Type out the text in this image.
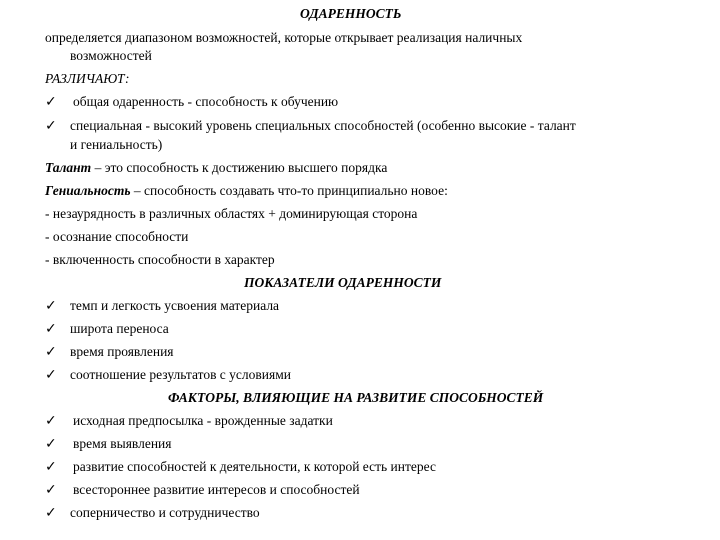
ОДАРЕННОСТЬ
определяется диапазоном возможностей, которые открывает реализация наличных
возможностей
РАЗЛИЧАЮТ:
✓ общая одаренность - способность к обучению
✓ специальная - высокий уровень специальных способностей (особенно высокие - талант
и гениальность)
Талант – это способность к достижению высшего порядка
Гениальность – способность создавать что-то принципиально новое:
- незаурядность в различных областях + доминирующая сторона
- осознание способности
- включенность способности в характер
ПОКАЗАТЕЛИ ОДАРЕННОСТИ
✓ темп и легкость усвоения материала
✓ широта переноса
✓ время проявления
✓ соотношение результатов с условиями
ФАКТОРЫ, ВЛИЯЮЩИЕ НА РАЗВИТИЕ СПОСОБНОСТЕЙ
✓ исходная предпосылка - врожденные задатки
✓ время выявления
✓ развитие способностей к деятельности, к которой есть интерес
✓ всестороннее развитие интересов и способностей
✓ соперничество и сотрудничество
